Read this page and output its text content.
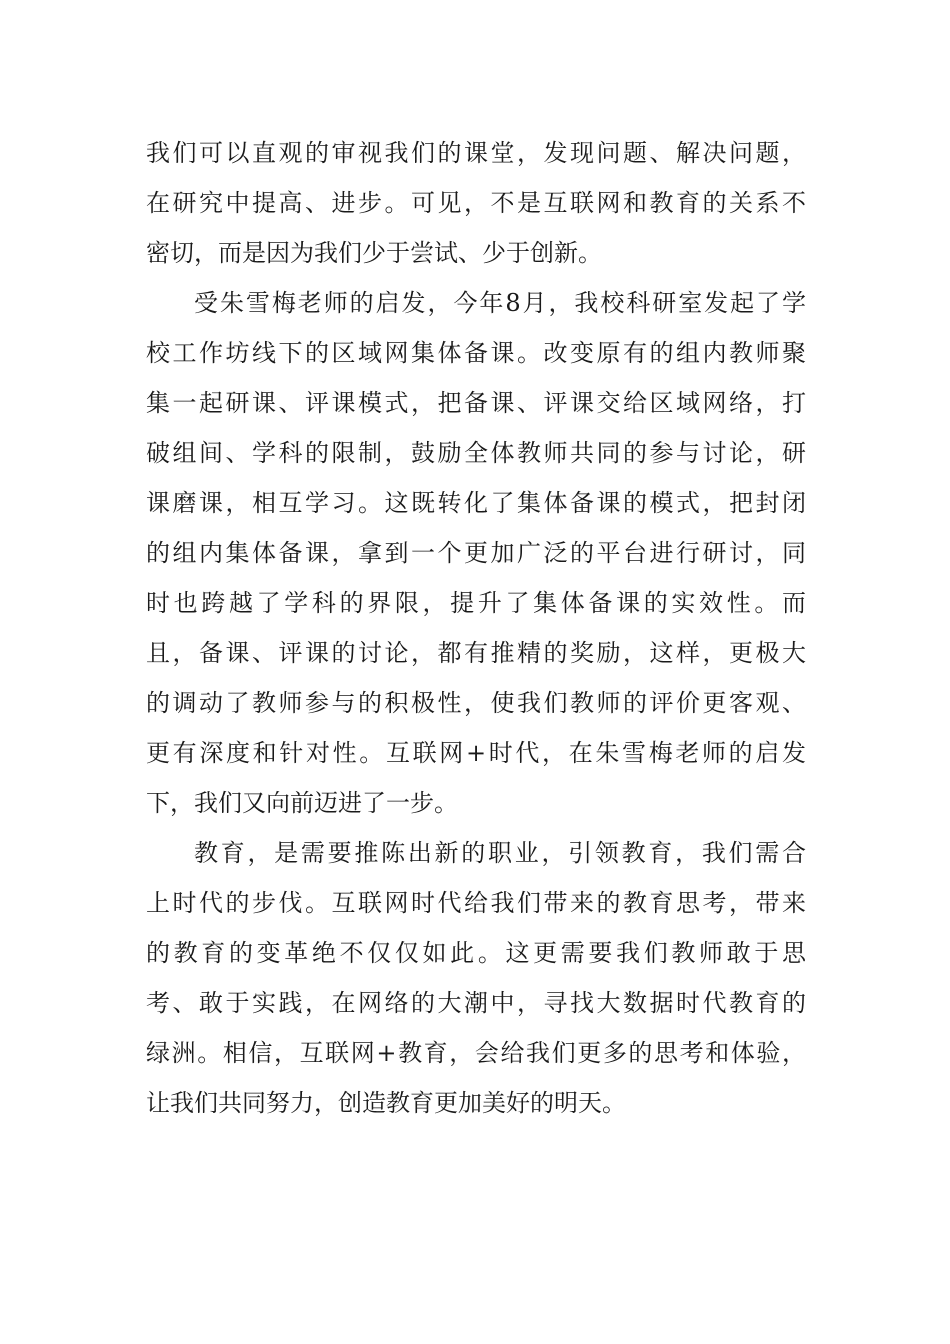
我们可以直观的审视我们的课堂，发现问题、解决问题，
在研究中提高、进步。可见，不是互联网和教育的关系不
密切，而是因为我们少于尝试、少于创新。
受朱雪梅老师的启发，今年8月，我校科研室发起了学
校工作坊线下的区域网集体备课。改变原有的组内教师聚
集一起研课、评课模式，把备课、评课交给区域网络，打
破组间、学科的限制，鼓励全体教师共同的参与讨论，研
课磨课，相互学习。这既转化了集体备课的模式，把封闭
的组内集体备课，拿到一个更加广泛的平台进行研讨，同
时也跨越了学科的界限，提升了集体备课的实效性。而
且，备课、评课的讨论，都有推精的奖励，这样，更极大
的调动了教师参与的积极性，使我们教师的评价更客观、
更有深度和针对性。互联网+时代，在朱雪梅老师的启发
下，我们又向前迈进了一步。
教育，是需要推陈出新的职业，引领教育，我们需合
上时代的步伐。互联网时代给我们带来的教育思考，带来
的教育的变革绝不仅仅如此。这更需要我们教师敢于思
考、敢于实践，在网络的大潮中，寻找大数据时代教育的
绿洲。相信，互联网+教育，会给我们更多的思考和体验，
让我们共同努力，创造教育更加美好的明天。
